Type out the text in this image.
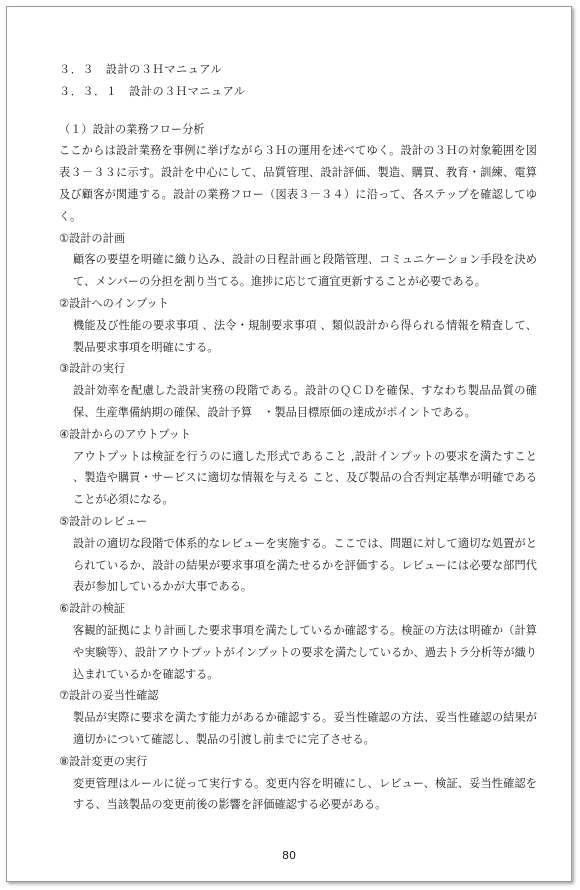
３．３　設計の３Ｈマニュアル

３．３．１　設計の３Ｈマニュアル

（１）設計の業務フロー分析

ここからは設計業務を事例に挙げながら３Ｈの運用を述べてゆく。設計の３Ｈの対象範囲を図表３－３３に示す。設計を中心にして、品質管理、設計評価、製造、購買、教育・訓練、電算及び顧客が関連する。設計の業務フロー（図表３－３４）に沿って、各ステップを確認してゆく。

①設計の計画

顧客の要望を明確に織り込み、設計の日程計画と段階管理、コミュニケーション手段を決めて、メンバーの分担を割り当てる。進捗に応じて適宜更新することが必要である。

②設計へのインプット

機能及び性能の要求事項 、法令・規制要求事項 、類似設計から得られる情報を精査して、製品要求事項を明確にする。

③設計の実行

設計効率を配慮した設計実務の段階である。設計のＱＣＤを確保、すなわち製品品質の確保、生産準備納期の確保、設計予算　・製品目標原価の達成がポイントである。

④設計からのアウトプット

アウトプットは検証を行うのに適した形式であること ,設計インプットの要求を満たすこと 、製造や購買・サービスに適切な情報を与える こと、及び製品の合否判定基準が明確であることが必須になる。

⑤設計のレビュー

設計の適切な段階で体系的なレビューを実施する。ここでは、問題に対して適切な処置がとられているか、設計の結果が要求事項を満たせるかを評価する。レビューには必要な部門代表が参加しているかが大事である。

⑥設計の検証

客観的証拠により計画した要求事項を満たしているか確認する。検証の方法は明確か（計算や実験等）、設計アウトプットがインプットの要求を満たしているか、過去トラ分析等が織り込まれているかを確認する。

⑦設計の妥当性確認

製品が実際に要求を満たす能力があるか確認する。妥当性確認の方法、妥当性確認の結果が適切かについて確認し、製品の引渡し前までに完了させる。

⑧設計変更の実行

変更管理はルールに従って実行する。変更内容を明確にし、レビュー、検証、妥当性確認をする、当該製品の変更前後の影響を評価確認する必要がある。

80
